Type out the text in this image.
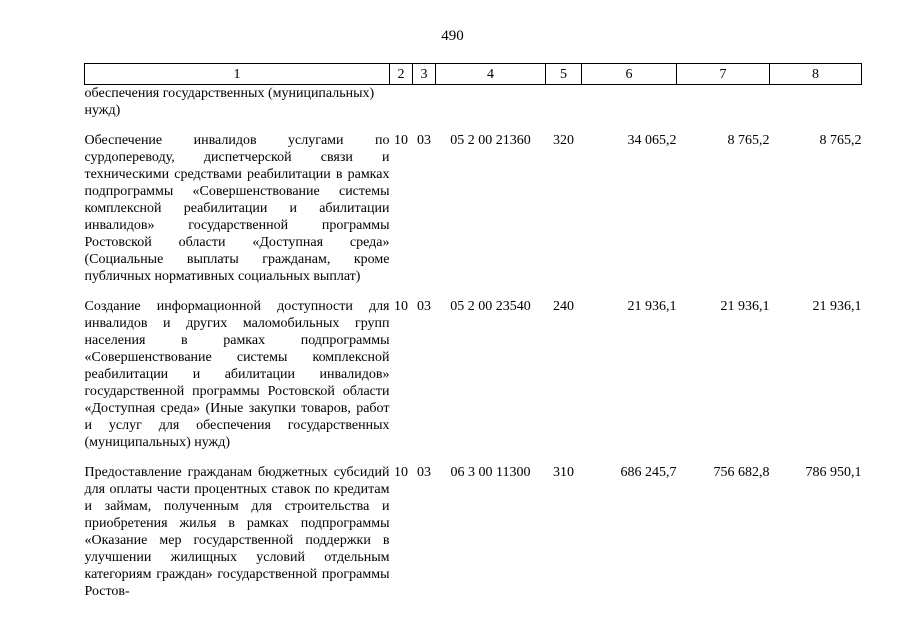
490
1	2	3	4	5	6	7	8
обеспечения государственных (муниципальных) нужд)							
Обеспечение инвалидов услугами по сурдопереводу, диспетчерской связи и техническими средствами реабилитации в рамках подпрограммы «Совершенствование системы комплексной реабилитации и абилитации инвалидов» государственной программы Ростовской области «Доступная среда» (Социальные выплаты гражданам, кроме публичных нормативных социальных выплат)	10	03	05 2 00 21360	320	34 065,2	8 765,2	8 765,2
Создание информационной доступности для инвалидов и других маломобильных групп населения в рамках подпрограммы «Совершенствование системы комплексной реабилитации и абилитации инвалидов» государственной программы Ростовской области «Доступная среда» (Иные закупки товаров, работ и услуг для обеспечения государственных (муниципальных) нужд)	10	03	05 2 00 23540	240	21 936,1	21 936,1	21 936,1
Предоставление гражданам бюджетных субсидий для оплаты части процентных ставок по кредитам и займам, полученным для строительства и приобретения жилья в рамках подпрограммы «Оказание мер государственной поддержки в улучшении жилищных условий отдельным категориям граждан» государственной программы Ростов-	10	03	06 3 00 11300	310	686 245,7	756 682,8	786 950,1
